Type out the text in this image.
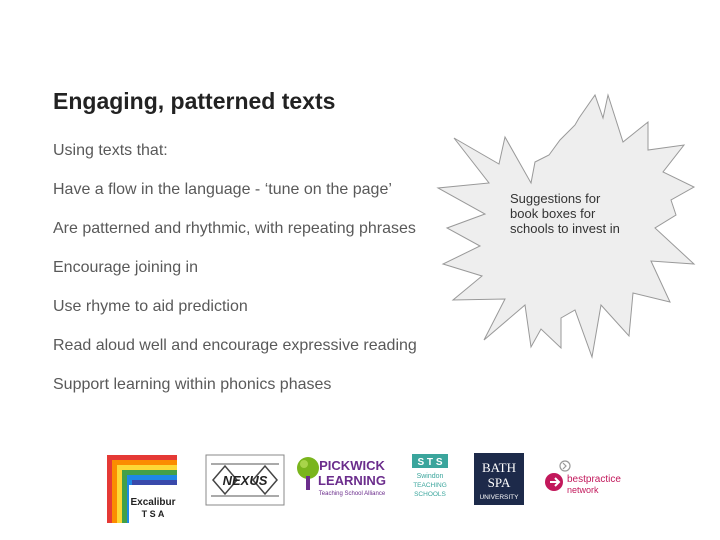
Engaging, patterned texts
Using texts that:
Have a flow in the language - ‘tune on the page’
Are patterned and rhythmic, with repeating phrases
Encourage joining in
Use rhyme to aid prediction
Read aloud well and encourage expressive reading
Support learning within phonics phases
Suggestions for
book boxes for
schools to invest in
Excalibur
T S A
NEXUS
PICKWICK
LEARNING
Teaching School Alliance
S T S
Swindon
TEACHING
SCHOOLS
BATH
SPA
UNIVERSITY
bestpractice
network
